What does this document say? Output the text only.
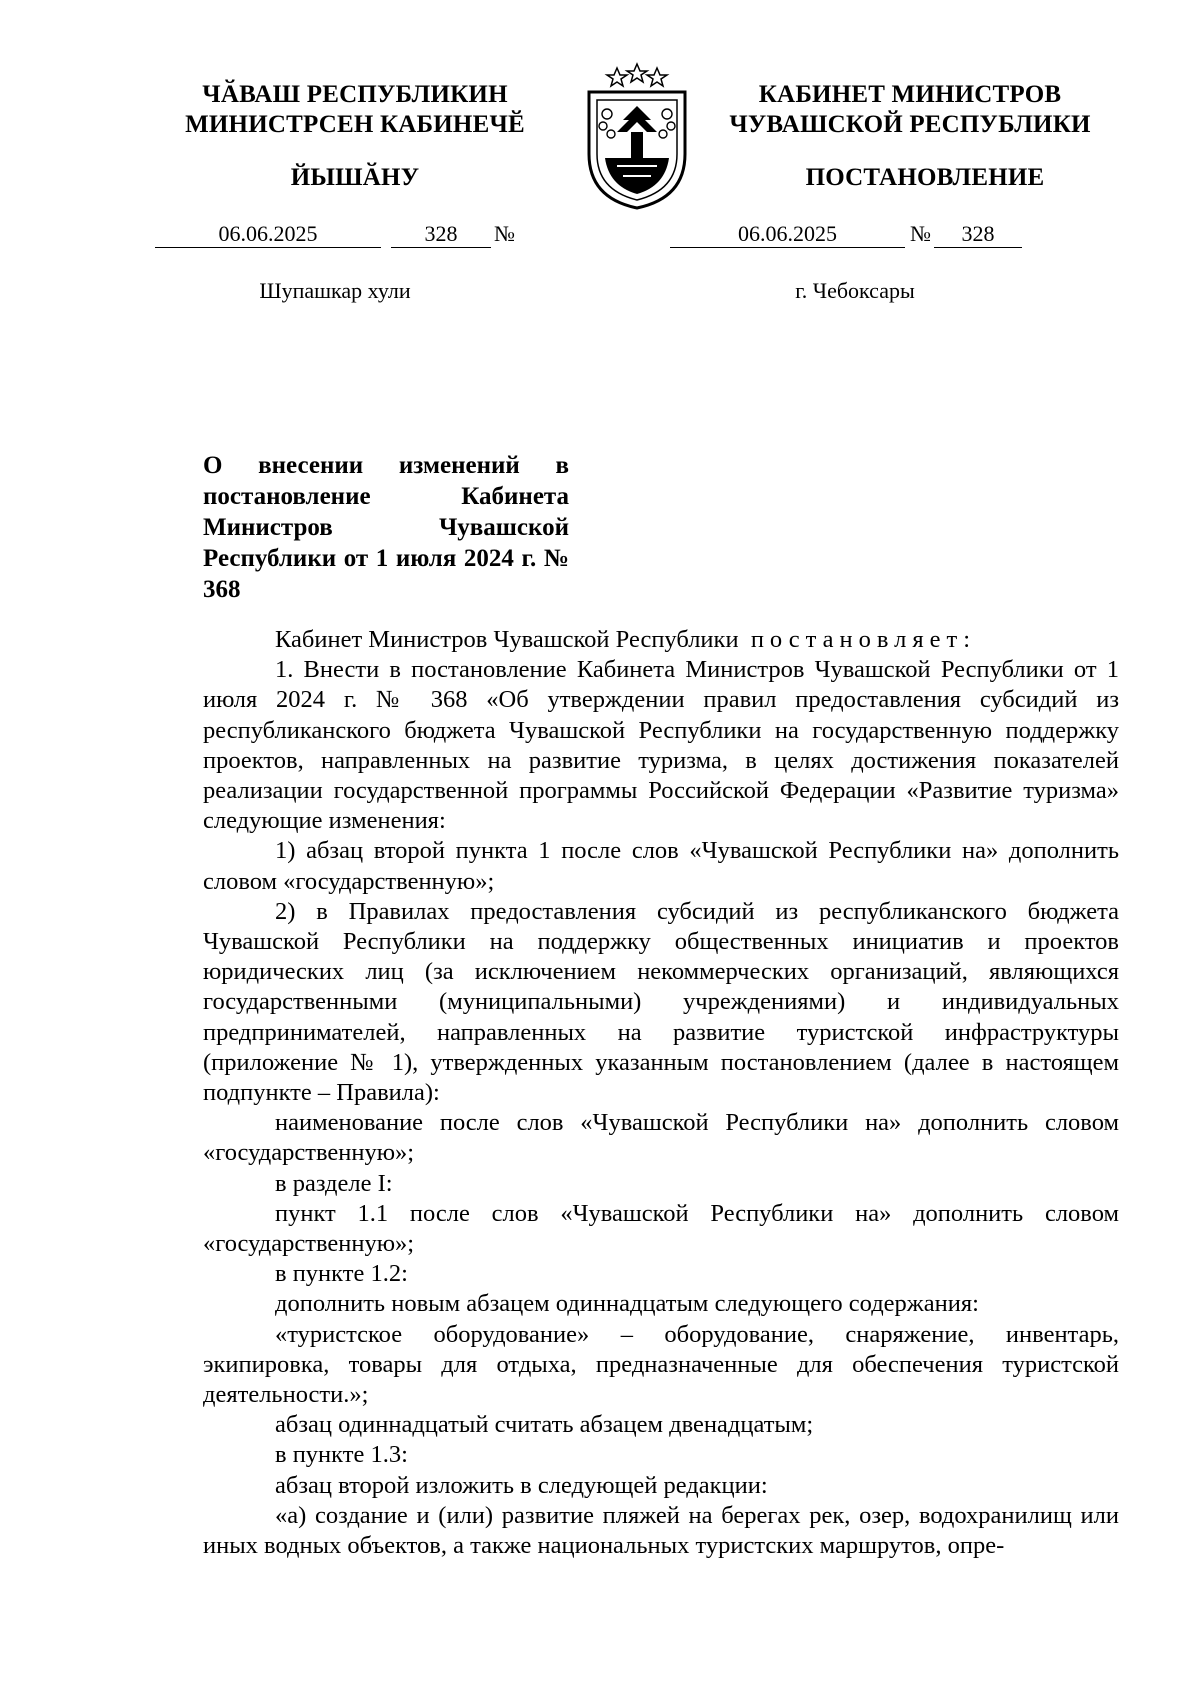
ЧӐВАШ РЕСПУБЛИКИН
МИНИСТРСЕН КАБИНЕЧӖ
ЙЫШӐНУ
КАБИНЕТ МИНИСТРОВ
ЧУВАШСКОЙ РЕСПУБЛИКИ
ПОСТАНОВЛЕНИЕ
06.06.2025	328	№	06.06.2025	№	328
Шупашкар хули	г. Чебоксары
О внесении изменений в постановление Кабинета Министров Чувашской Республики от 1 июля 2024 г. № 368

Кабинет Министров Чувашской Республики постановляет:

1. Внести в постановление Кабинета Министров Чувашской Республики от 1 июля 2024 г. № 368 «Об утверждении правил предоставления субсидий из республиканского бюджета Чувашской Республики на государственную поддержку проектов, направленных на развитие туризма, в целях достижения показателей реализации государственной программы Российской Федерации «Развитие туризма» следующие изменения:

1) абзац второй пункта 1 после слов «Чувашской Республики на» дополнить словом «государственную»;

2) в Правилах предоставления субсидий из республиканского бюджета Чувашской Республики на поддержку общественных инициатив и проектов юридических лиц (за исключением некоммерческих организаций, являющихся государственными (муниципальными) учреждениями) и индивидуальных предпринимателей, направленных на развитие туристской инфраструктуры (приложение № 1), утвержденных указанным постановлением (далее в настоящем подпункте – Правила):

наименование после слов «Чувашской Республики на» дополнить словом «государственную»;

в разделе I:

пункт 1.1 после слов «Чувашской Республики на» дополнить словом «государственную»;

в пункте 1.2:

дополнить новым абзацем одиннадцатым следующего содержания:

«туристское оборудование» – оборудование, снаряжение, инвентарь, экипировка, товары для отдыха, предназначенные для обеспечения туристской деятельности.»;

абзац одиннадцатый считать абзацем двенадцатым;

в пункте 1.3:

абзац второй изложить в следующей редакции:

«а) создание и (или) развитие пляжей на берегах рек, озер, водохранилищ или иных водных объектов, а также национальных туристских маршрутов, опре-
